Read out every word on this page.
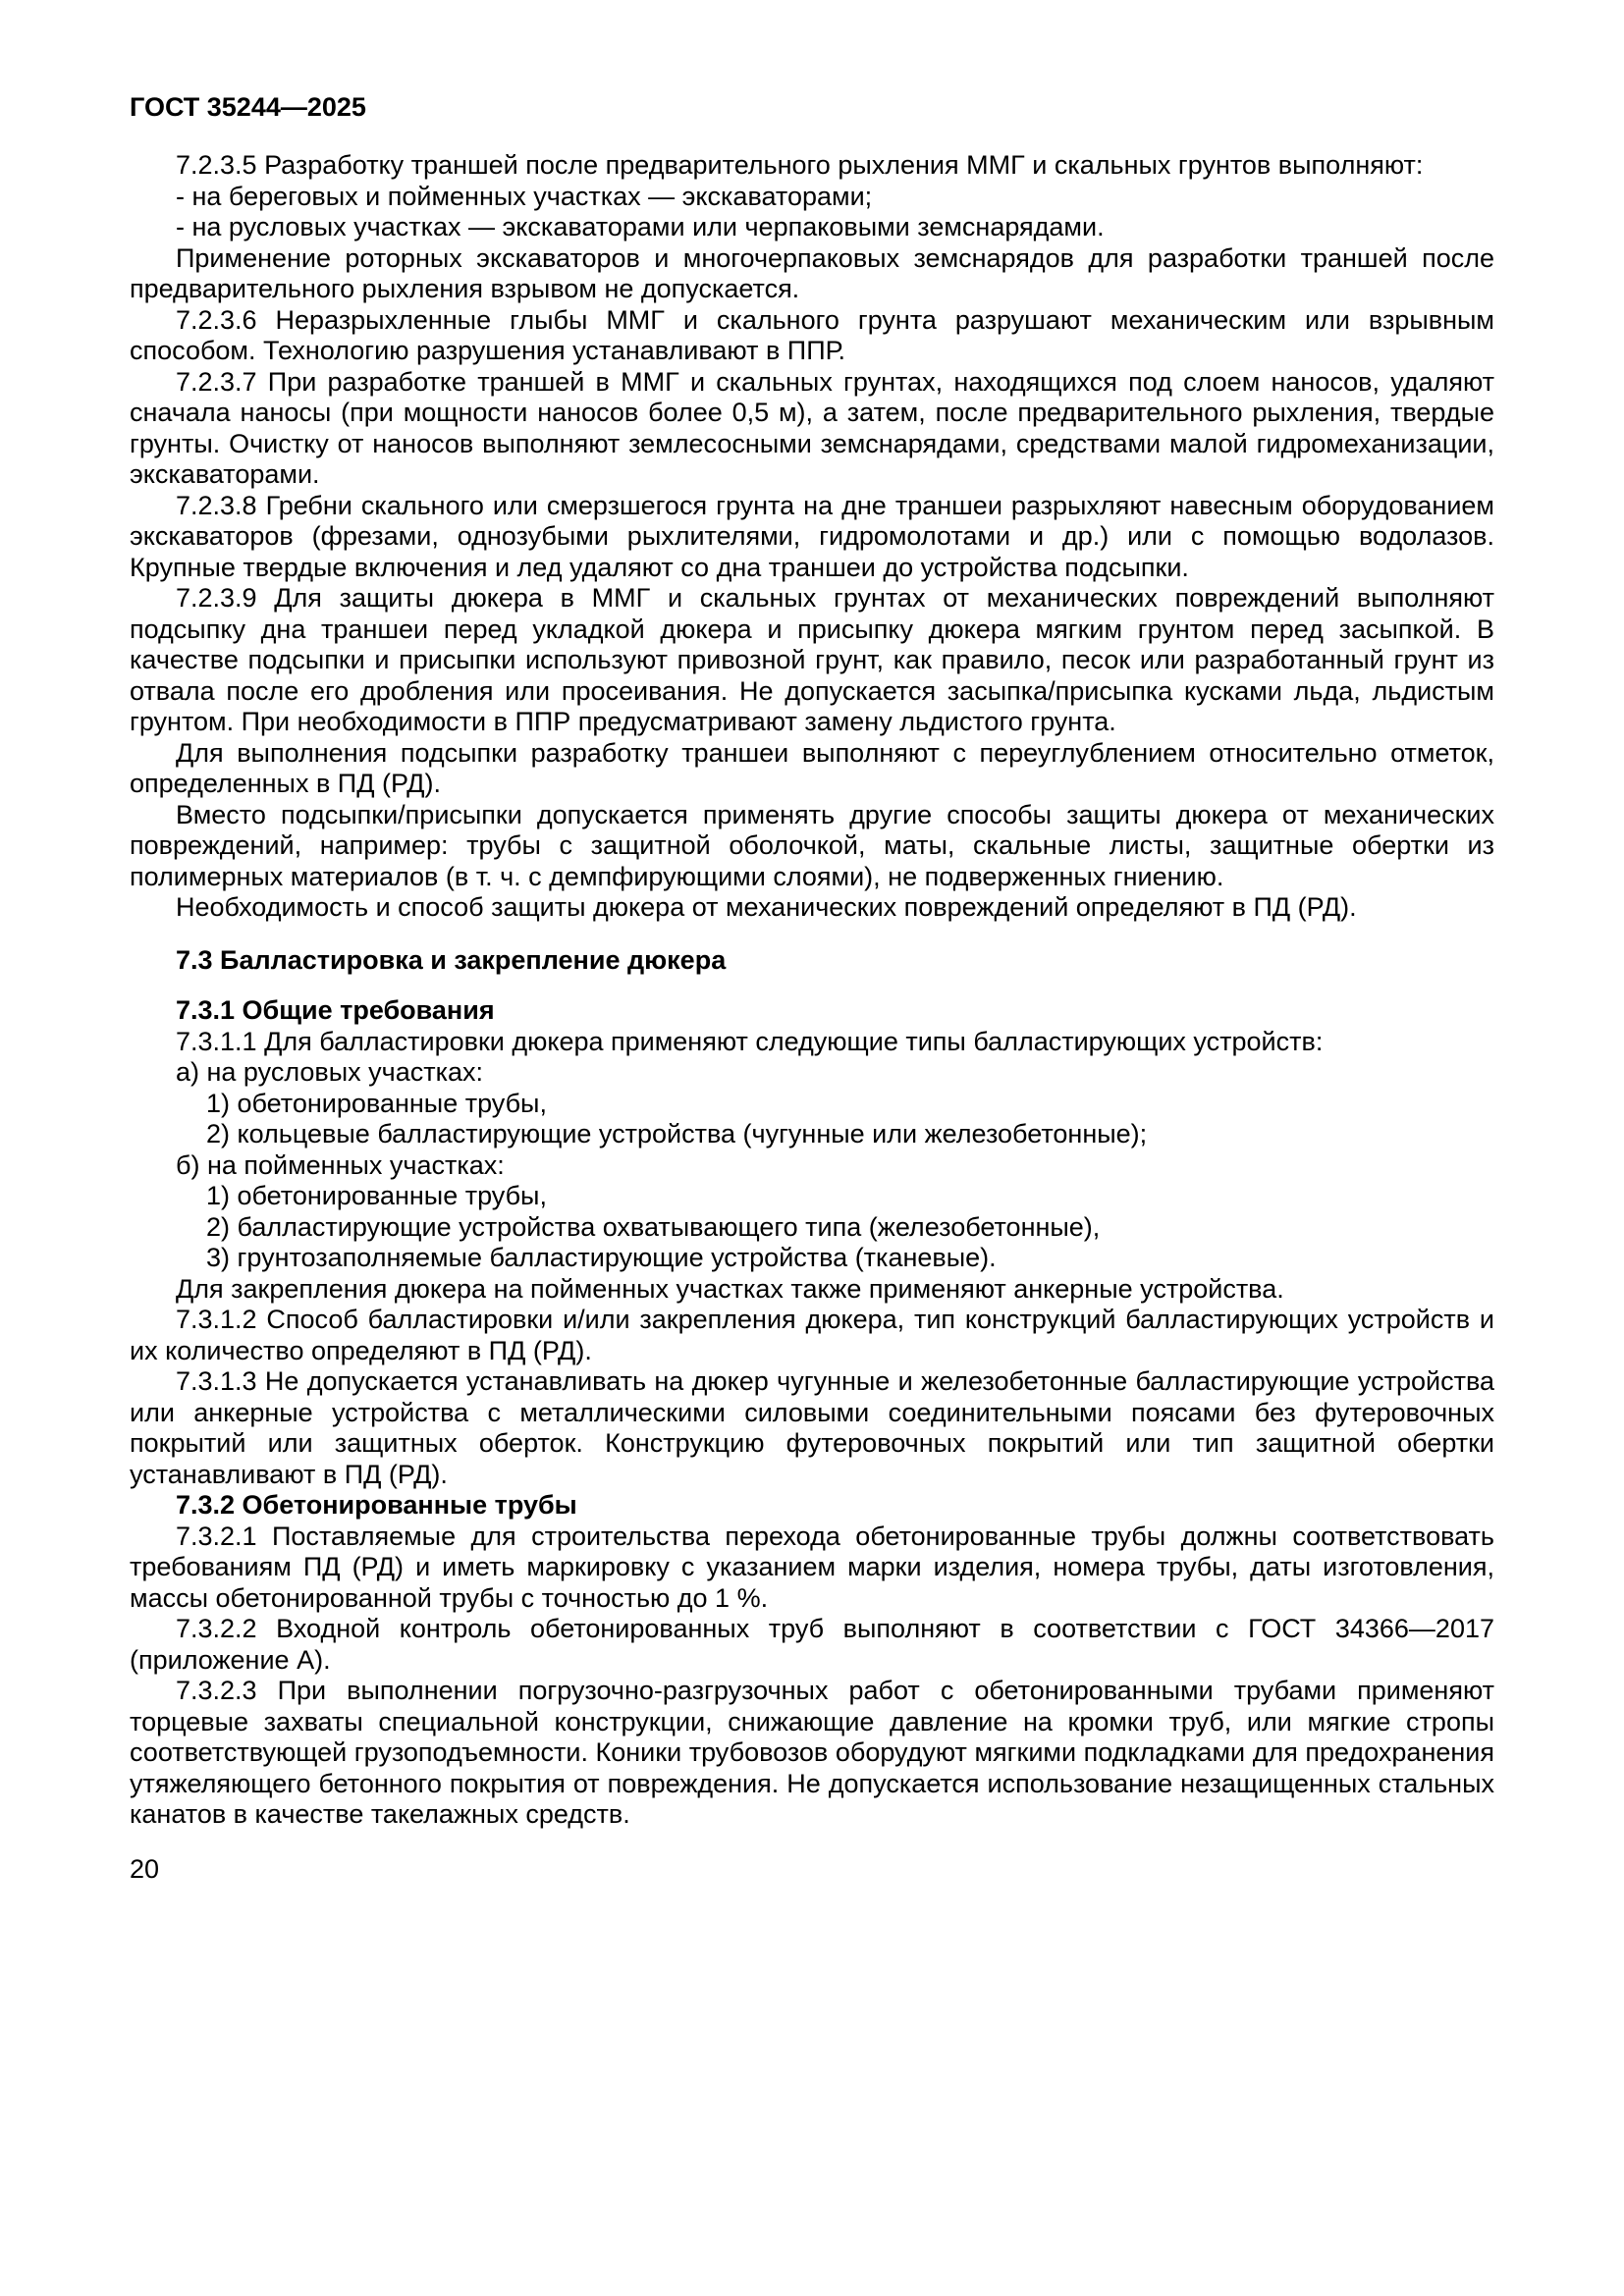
ГОСТ 35244—2025
7.2.3.5 Разработку траншей после предварительного рыхления ММГ и скальных грунтов выполняют:
- на береговых и пойменных участках — экскаваторами;
- на русловых участках — экскаваторами или черпаковыми земснарядами.
Применение роторных экскаваторов и многочерпаковых земснарядов для разработки траншей после предварительного рыхления взрывом не допускается.
7.2.3.6 Неразрыхленные глыбы ММГ и скального грунта разрушают механическим или взрывным способом. Технологию разрушения устанавливают в ППР.
7.2.3.7 При разработке траншей в ММГ и скальных грунтах, находящихся под слоем наносов, удаляют сначала наносы (при мощности наносов более 0,5 м), а затем, после предварительного рыхления, твердые грунты. Очистку от наносов выполняют землесосными земснарядами, средствами малой гидромеханизации, экскаваторами.
7.2.3.8 Гребни скального или смерзшегося грунта на дне траншеи разрыхляют навесным оборудованием экскаваторов (фрезами, однозубыми рыхлителями, гидромолотами и др.) или с помощью водолазов. Крупные твердые включения и лед удаляют со дна траншеи до устройства подсыпки.
7.2.3.9 Для защиты дюкера в ММГ и скальных грунтах от механических повреждений выполняют подсыпку дна траншеи перед укладкой дюкера и присыпку дюкера мягким грунтом перед засыпкой. В качестве подсыпки и присыпки используют привозной грунт, как правило, песок или разработанный грунт из отвала после его дробления или просеивания. Не допускается засыпка/присыпка кусками льда, льдистым грунтом. При необходимости в ППР предусматривают замену льдистого грунта.
Для выполнения подсыпки разработку траншеи выполняют с переуглублением относительно отметок, определенных в ПД (РД).
Вместо подсыпки/присыпки допускается применять другие способы защиты дюкера от механических повреждений, например: трубы с защитной оболочкой, маты, скальные листы, защитные обертки из полимерных материалов (в т. ч. с демпфирующими слоями), не подверженных гниению.
Необходимость и способ защиты дюкера от механических повреждений определяют в ПД (РД).
7.3 Балластировка и закрепление дюкера
7.3.1 Общие требования
7.3.1.1 Для балластировки дюкера применяют следующие типы балластирующих устройств:
а) на русловых участках:
1) обетонированные трубы,
2) кольцевые балластирующие устройства (чугунные или железобетонные);
б) на пойменных участках:
1) обетонированные трубы,
2) балластирующие устройства охватывающего типа (железобетонные),
3) грунтозаполняемые балластирующие устройства (тканевые).
Для закрепления дюкера на пойменных участках также применяют анкерные устройства.
7.3.1.2 Способ балластировки и/или закрепления дюкера, тип конструкций балластирующих устройств и их количество определяют в ПД (РД).
7.3.1.3 Не допускается устанавливать на дюкер чугунные и железобетонные балластирующие устройства или анкерные устройства с металлическими силовыми соединительными поясами без футеровочных покрытий или защитных оберток. Конструкцию футеровочных покрытий или тип защитной обертки устанавливают в ПД (РД).
7.3.2 Обетонированные трубы
7.3.2.1 Поставляемые для строительства перехода обетонированные трубы должны соответствовать требованиям ПД (РД) и иметь маркировку с указанием марки изделия, номера трубы, даты изготовления, массы обетонированной трубы с точностью до 1 %.
7.3.2.2 Входной контроль обетонированных труб выполняют в соответствии с ГОСТ 34366—2017 (приложение А).
7.3.2.3 При выполнении погрузочно-разгрузочных работ с обетонированными трубами применяют торцевые захваты специальной конструкции, снижающие давление на кромки труб, или мягкие стропы соответствующей грузоподъемности. Коники трубовозов оборудуют мягкими подкладками для предохранения утяжеляющего бетонного покрытия от повреждения. Не допускается использование незащищенных стальных канатов в качестве такелажных средств.
20
